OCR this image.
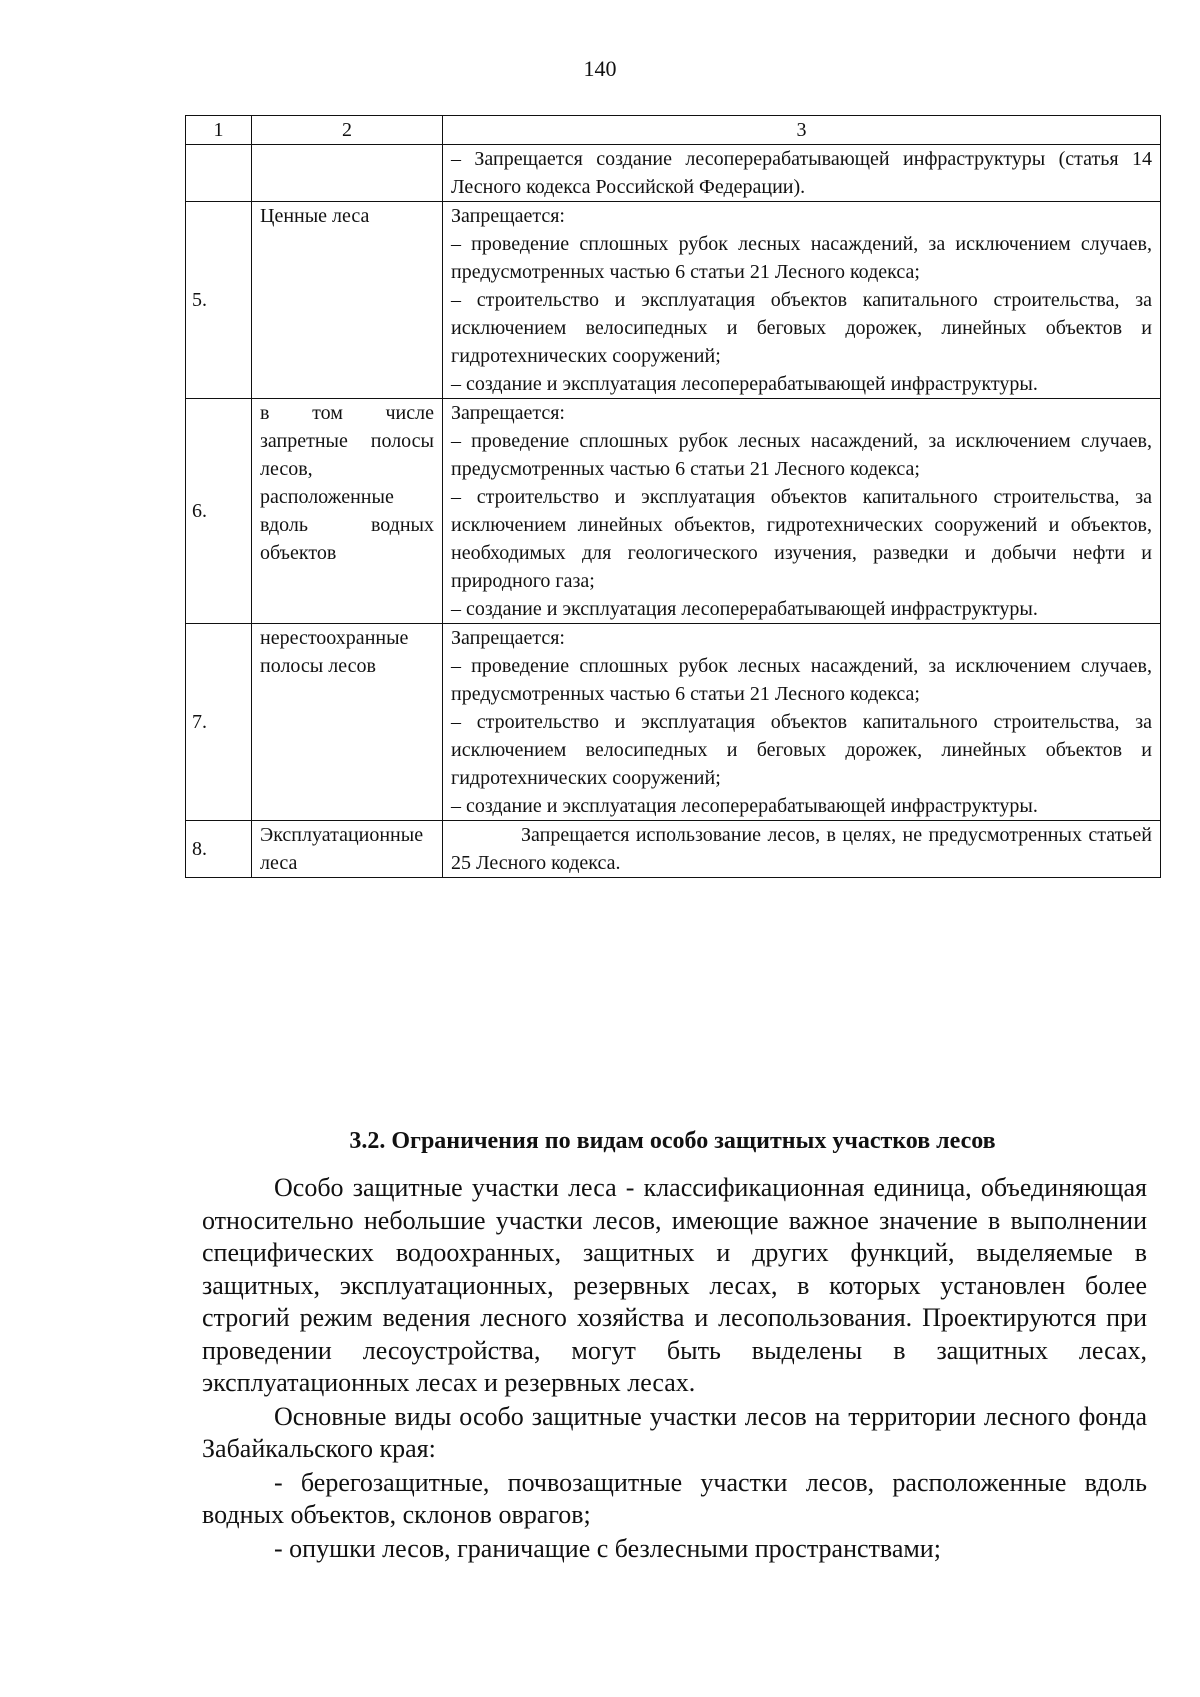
140
1	2	3

		– Запрещается создание лесоперерабатывающей инфраструктуры (статья 14 Лесного кодекса Российской Федерации).

5.	Ценные леса	Запрещается:

– проведение сплошных рубок лесных насаждений, за исключением случаев, предусмотренных частью 6 статьи 21 Лесного кодекса;

– строительство и эксплуатация объектов капитального строительства, за исключением велосипедных и беговых дорожек, линейных объектов и гидротехнических сооружений;

– создание и эксплуатация лесоперерабатывающей инфраструктуры.

6.	в том числе запретные полосы лесов, расположенные вдоль водных объектов	Запрещается:

– проведение сплошных рубок лесных насаждений, за исключением случаев, предусмотренных частью 6 статьи 21 Лесного кодекса;

– строительство и эксплуатация объектов капитального строительства, за исключением линейных объектов, гидротехнических сооружений и объектов, необходимых для геологического изучения, разведки и добычи нефти и природного газа;

– создание и эксплуатация лесоперерабатывающей инфраструктуры.

7.	нерестоохранные полосы лесов	Запрещается:

– проведение сплошных рубок лесных насаждений, за исключением случаев, предусмотренных частью 6 статьи 21 Лесного кодекса;

– строительство и эксплуатация объектов капитального строительства, за исключением велосипедных и беговых дорожек, линейных объектов и гидротехнических сооружений;

– создание и эксплуатация лесоперерабатывающей инфраструктуры.

8.	Эксплуатационные леса	Запрещается использование лесов, в целях, не предусмотренных статьей 25 Лесного кодекса.

3.2. Ограничения по видам особо защитных участков лесов

Особо защитные участки леса - классификационная единица, объединяющая относительно небольшие участки лесов, имеющие важное значение в выполнении специфических водоохранных, защитных и других функций, выделяемые в защитных, эксплуатационных, резервных лесах, в которых установлен более строгий режим ведения лесного хозяйства и лесопользования. Проектируются при проведении лесоустройства, могут быть выделены в защитных лесах, эксплуатационных лесах и резервных лесах.

Основные виды особо защитные участки лесов на территории лесного фонда Забайкальского края:

- берегозащитные, почвозащитные участки лесов, расположенные вдоль водных объектов, склонов оврагов;

- опушки лесов, граничащие с безлесными пространствами;
